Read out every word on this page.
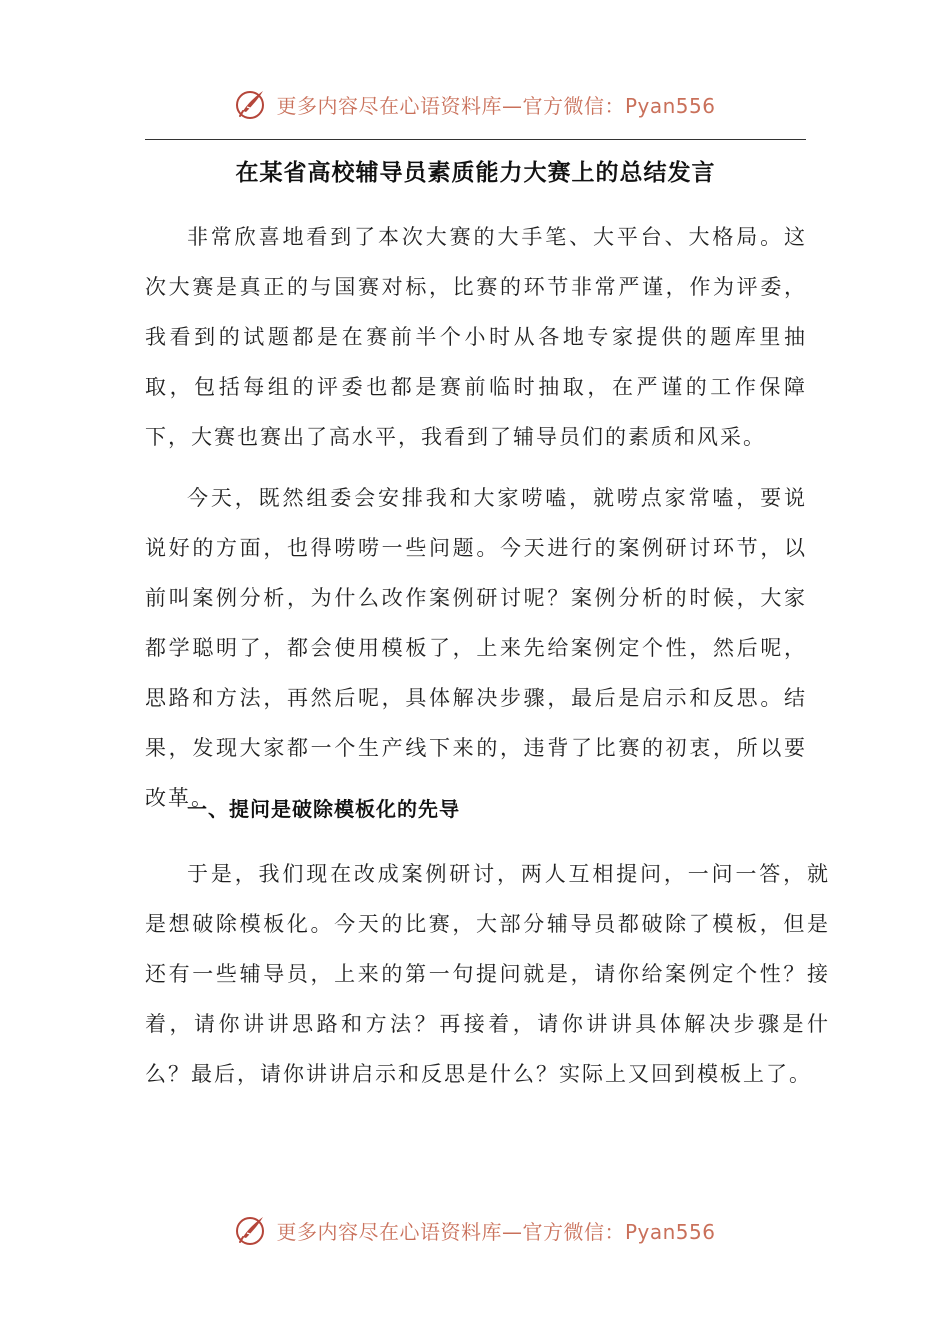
更多内容尽在心语资料库—官方微信：Pyan556
在某省高校辅导员素质能力大赛上的总结发言
非常欣喜地看到了本次大赛的大手笔、大平台、大格局。这次大赛是真正的与国赛对标，比赛的环节非常严谨，作为评委，我看到的试题都是在赛前半个小时从各地专家提供的题库里抽取，包括每组的评委也都是赛前临时抽取，在严谨的工作保障下，大赛也赛出了高水平，我看到了辅导员们的素质和风采。
今天，既然组委会安排我和大家唠嗑，就唠点家常嗑，要说说好的方面，也得唠唠一些问题。今天进行的案例研讨环节，以前叫案例分析，为什么改作案例研讨呢？案例分析的时候，大家都学聪明了，都会使用模板了，上来先给案例定个性，然后呢，思路和方法，再然后呢，具体解决步骤，最后是启示和反思。结果，发现大家都一个生产线下来的，违背了比赛的初衷，所以要改革。
一、提问是破除模板化的先导
于是，我们现在改成案例研讨，两人互相提问，一问一答，就是想破除模板化。今天的比赛，大部分辅导员都破除了模板，但是还有一些辅导员，上来的第一句提问就是，请你给案例定个性？接着，请你讲讲思路和方法？再接着，请你讲讲具体解决步骤是什么？最后，请你讲讲启示和反思是什么？实际上又回到模板上了。
更多内容尽在心语资料库—官方微信：Pyan556
